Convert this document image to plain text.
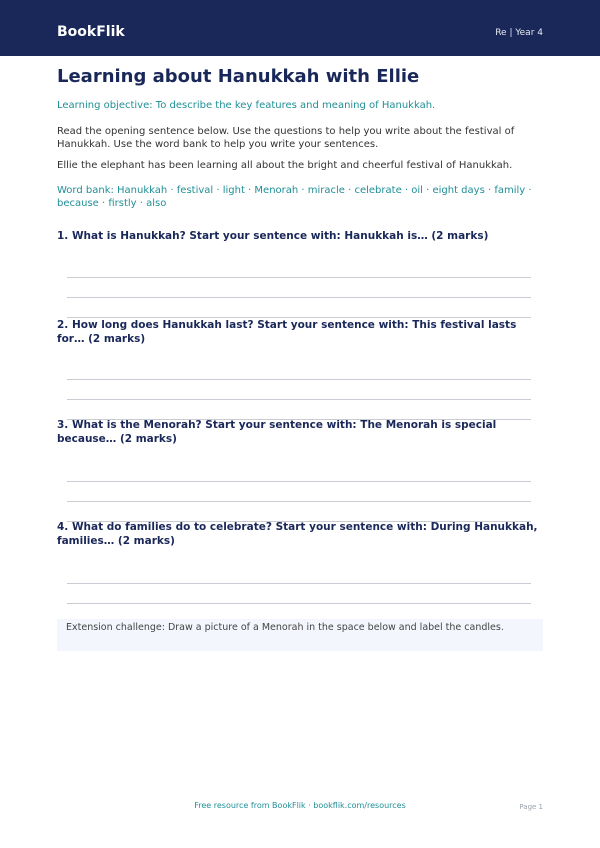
BookFlik	Re | Year 4
Learning about Hanukkah with Ellie
Learning objective: To describe the key features and meaning of Hanukkah.

Read the opening sentence below. Use the questions to help you write about the festival of Hanukkah. Use the word bank to help you write your sentences.

Ellie the elephant has been learning all about the bright and cheerful festival of Hanukkah.

Word bank: Hanukkah · festival · light · Menorah · miracle · celebrate · oil · eight days · family · because · firstly · also

1. What is Hanukkah? Start your sentence with: Hanukkah is… (2 marks)

2. How long does Hanukkah last? Start your sentence with: This festival lasts for… (2 marks)

3. What is the Menorah? Start your sentence with: The Menorah is special because… (2 marks)

4. What do families do to celebrate? Start your sentence with: During Hanukkah, families… (2 marks)

Extension challenge: Draw a picture of a Menorah in the space below and label the candles.
Free resource from BookFlik · bookflik.com/resources	Page 1
